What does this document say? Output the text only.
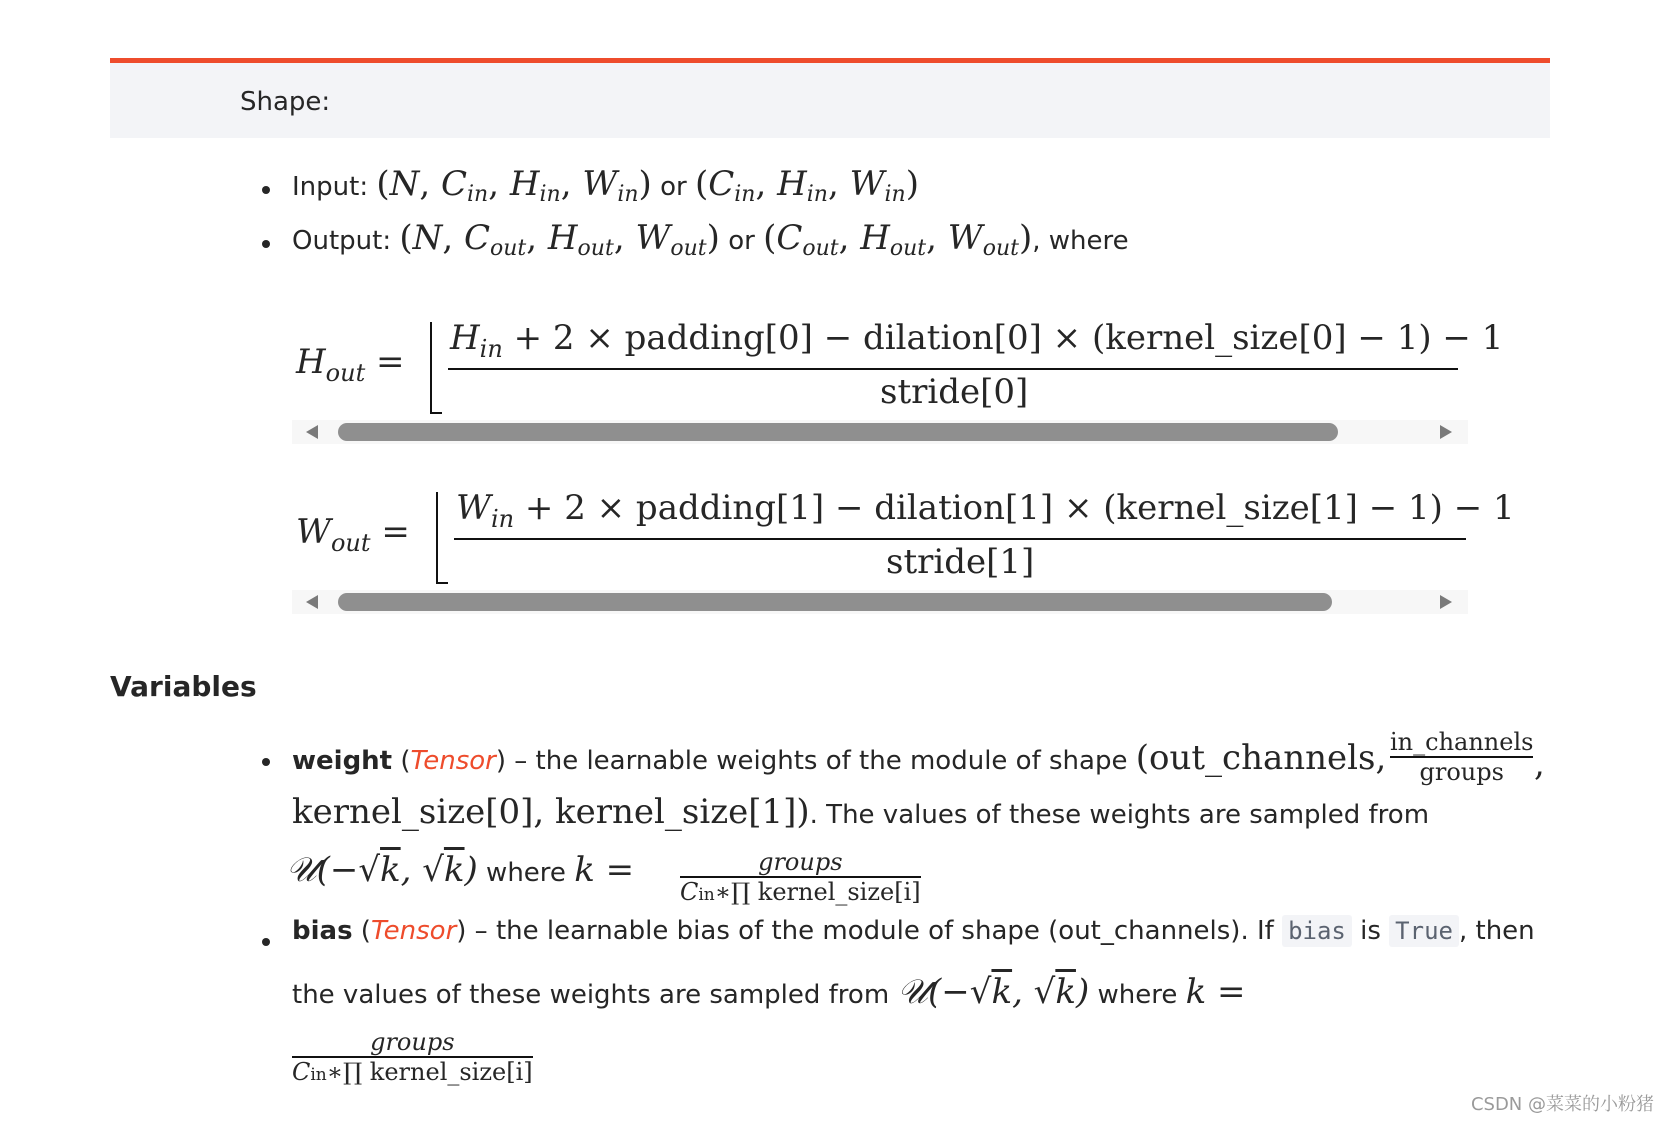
Shape:
Input: (N, $C_{in}$, $H_{in}$, $W_{in}$) or ($C_{in}$, $H_{in}$, $W_{in}$)
Output: (N, $C_{out}$, $H_{out}$, $W_{out}$) or ($C_{out}$, $H_{out}$, $W_{out}$), where
$H_{out}$ =
$H_{in} + 2$ × padding[0] − dilation[0] × (kernel_size[0] − 1) − 1
stride[0]
$W_{out}$ =
$W_{in} + 2$ × padding[1] − dilation[1] × (kernel_size[1] − 1) − 1
stride[1]
Variables
weight (Tensor) – the learnable weights of the module of shape (out_channels, in_channels
groups ,
kernel_size[0], kernel_size[1]). The values of these weights are sampled from
𝒰(−√k, √k) where k =	groups
Cin∗∏ kernel_size[i]
bias (Tensor) – the learnable bias of the module of shape (out_channels). If bias is True , then
the values of these weights are sampled from 𝒰(−√k, √k) where k =
groups
Cin∗∏ kernel_size[i]
CSDN @菜菜的小粉猪
